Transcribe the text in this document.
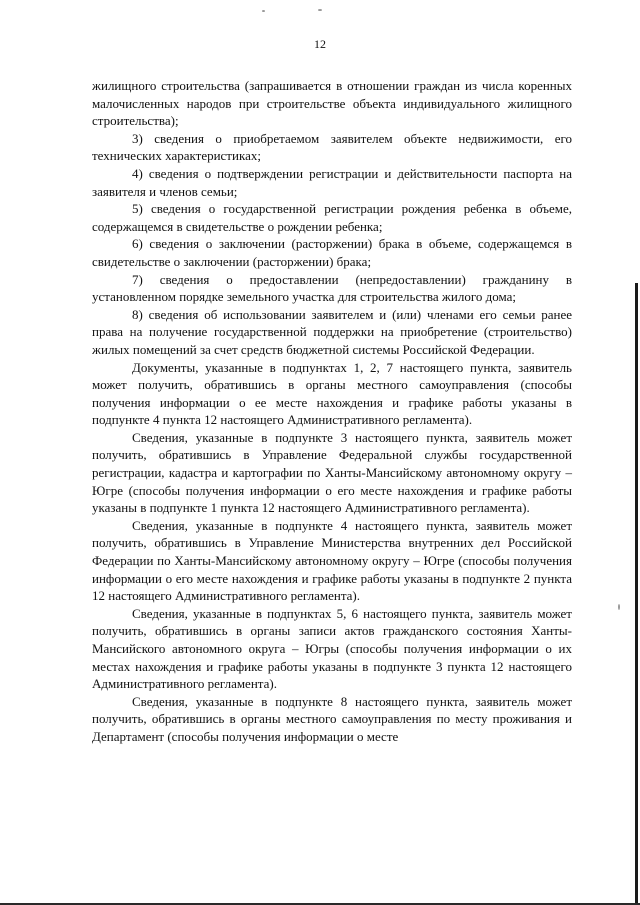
12

жилищного строительства (запрашивается в отношении граждан из числа коренных малочисленных народов при строительстве объекта индивидуального жилищного строительства);

3) сведения о приобретаемом заявителем объекте недвижимости, его технических характеристиках;

4) сведения о подтверждении регистрации и действительности паспорта на заявителя и членов семьи;

5) сведения о государственной регистрации рождения ребенка в объеме, содержащемся в свидетельстве о рождении ребенка;

6) сведения о заключении (расторжении) брака в объеме, содержащемся в свидетельстве о заключении (расторжении) брака;

7) сведения о предоставлении (непредоставлении) гражданину в установленном порядке земельного участка для строительства жилого дома;

8) сведения об использовании заявителем и (или) членами его семьи ранее права на получение государственной поддержки на приобретение (строительство) жилых помещений за счет средств бюджетной системы Российской Федерации.

Документы, указанные в подпунктах 1, 2, 7 настоящего пункта, заявитель может получить, обратившись в органы местного самоуправления (способы получения информации о ее месте нахождения и графике работы указаны в подпункте 4 пункта 12 настоящего Административного регламента).

Сведения, указанные в подпункте 3 настоящего пункта, заявитель может получить, обратившись в Управление Федеральной службы государственной регистрации, кадастра и картографии по Ханты-Мансийскому автономному округу – Югре (способы получения информации о его месте нахождения и графике работы указаны в подпункте 1 пункта 12 настоящего Административного регламента).

Сведения, указанные в подпункте 4 настоящего пункта, заявитель может получить, обратившись в Управление Министерства внутренних дел Российской Федерации по Ханты-Мансийскому автономному округу – Югре (способы получения информации о его месте нахождения и графике работы указаны в подпункте 2 пункта 12 настоящего Административного регламента).

Сведения, указанные в подпунктах 5, 6 настоящего пункта, заявитель может получить, обратившись в органы записи актов гражданского состояния Ханты-Мансийского автономного округа – Югры (способы получения информации о их местах нахождения и графике работы указаны в подпункте 3 пункта 12 настоящего Административного регламента).

Сведения, указанные в подпункте 8 настоящего пункта, заявитель может получить, обратившись в органы местного самоуправления по месту проживания и Департамент (способы получения информации о месте
